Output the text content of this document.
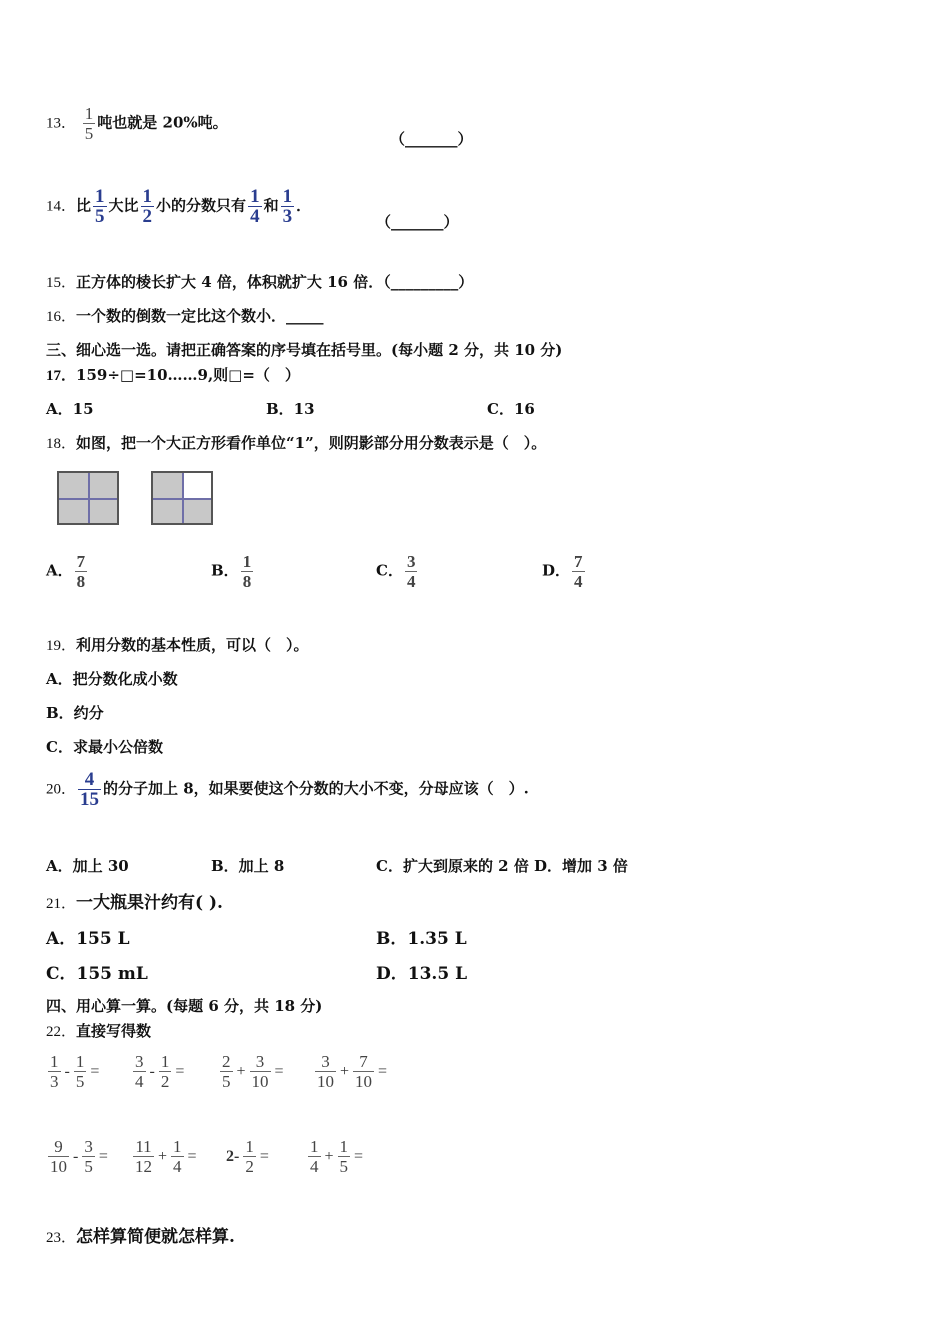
13． $\frac{1}{5}$ 吨也就是 20%吨。
（_______）
14．比 $\frac{1}{5}$ 大比 $\frac{1}{2}$ 小的分数只有 $\frac{1}{4}$ 和 $\frac{1}{3}$ ．
（_______）
15．正方体的棱长扩大 4 倍，体积就扩大 16 倍．（_________）
16．一个数的倒数一定比这个数小．_____
三、细心选一选。请把正确答案的序号填在括号里。(每小题 2 分，共 10 分)
17．159÷□=10……9,则□=（　）
A．15	B．13	C．16
18．如图，把一个大正方形看作单位“1”，则阴影部分用分数表示是（　）。
A． $\frac{7}{8}$	B． $\frac{1}{8}$	C． $\frac{3}{4}$	D． $\frac{7}{4}$
19．利用分数的基本性质，可以（　）。
A．把分数化成小数
B．约分
C．求最小公倍数
20． $\frac{4}{15}$ 的分子加上 8，如果要使这个分数的大小不变，分母应该（　）.
A．加上 30	B．加上 8	C．扩大到原来的 2 倍 D．增加 3 倍
21．一大瓶果汁约有( ).
A．155 L	B．1.35 L
C．155 mL	D．13.5 L
四、用心算一算。(每题 6 分，共 18 分)
22．直接写得数
$\frac{1}{3} - \frac{1}{5} = \frac{3}{4} - \frac{1}{2} = \frac{2}{5} + \frac{3}{10} = \frac{3}{10} + \frac{7}{10}$ =
$\frac{9}{10} - \frac{3}{5} = \frac{11}{12} + \frac{1}{4} = 2- \frac{1}{2} = \frac{1}{4} + \frac{1}{5}$ =
23．怎样算简便就怎样算.
